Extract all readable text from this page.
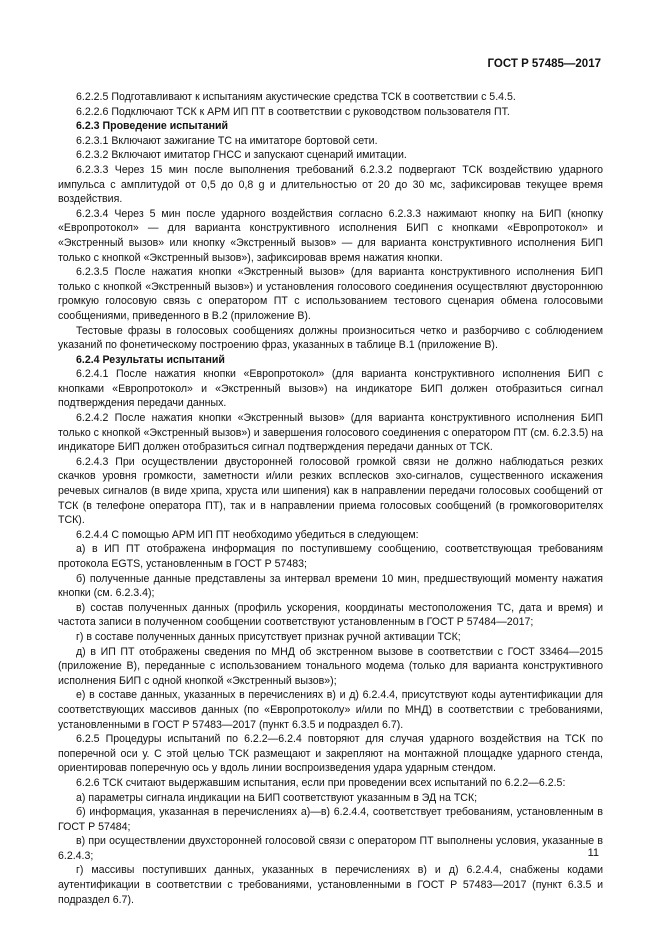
ГОСТ Р 57485—2017

6.2.2.5 Подготавливают к испытаниям акустические средства ТСК в соответствии с 5.4.5.

6.2.2.6 Подключают ТСК к АРМ ИП ПТ в соответствии с руководством пользователя ПТ.

6.2.3 Проведение испытаний

6.2.3.1 Включают зажигание ТС на имитаторе бортовой сети.

6.2.3.2 Включают имитатор ГНСС и запускают сценарий имитации.

6.2.3.3 Через 15 мин после выполнения требований 6.2.3.2 подвергают ТСК воздействию ударного импульса с амплитудой от 0,5 до 0,8 g и длительностью от 20 до 30 мс, зафиксировав текущее время воздействия.

6.2.3.4 Через 5 мин после ударного воздействия согласно 6.2.3.3 нажимают кнопку на БИП (кнопку «Европротокол» — для варианта конструктивного исполнения БИП с кнопками «Европротокол» и «Экстренный вызов» или кнопку «Экстренный вызов» — для варианта конструктивного исполнения БИП только с кнопкой «Экстренный вызов»), зафиксировав время нажатия кнопки.

6.2.3.5 После нажатия кнопки «Экстренный вызов» (для варианта конструктивного исполнения БИП только с кнопкой «Экстренный вызов») и установления голосового соединения осуществляют двустороннюю громкую голосовую связь с оператором ПТ с использованием тестового сценария обмена голосовыми сообщениями, приведенного в В.2 (приложение В).

Тестовые фразы в голосовых сообщениях должны произноситься четко и разборчиво с соблюдением указаний по фонетическому построению фраз, указанных в таблице В.1 (приложение В).

6.2.4 Результаты испытаний

6.2.4.1 После нажатия кнопки «Европротокол» (для варианта конструктивного исполнения БИП с кнопками «Европротокол» и «Экстренный вызов») на индикаторе БИП должен отобразиться сигнал подтверждения передачи данных.

6.2.4.2 После нажатия кнопки «Экстренный вызов» (для варианта конструктивного исполнения БИП только с кнопкой «Экстренный вызов») и завершения голосового соединения с оператором ПТ (см. 6.2.3.5) на индикаторе БИП должен отобразиться сигнал подтверждения передачи данных от ТСК.

6.2.4.3 При осуществлении двусторонней голосовой громкой связи не должно наблюдаться резких скачков уровня громкости, заметности и/или резких всплесков эхо-сигналов, существенного искажения речевых сигналов (в виде хрипа, хруста или шипения) как в направлении передачи голосовых сообщений от ТСК (в телефоне оператора ПТ), так и в направлении приема голосовых сообщений (в громкоговорителях ТСК).

6.2.4.4 С помощью АРМ ИП ПТ необходимо убедиться в следующем:

а) в ИП ПТ отображена информация по поступившему сообщению, соответствующая требованиям протокола EGTS, установленным в ГОСТ Р 57483;

б) полученные данные представлены за интервал времени 10 мин, предшествующий моменту нажатия кнопки (см. 6.2.3.4);

в) состав полученных данных (профиль ускорения, координаты местоположения ТС, дата и время) и частота записи в полученном сообщении соответствуют установленным в ГОСТ Р 57484—2017;

г) в составе полученных данных присутствует признак ручной активации ТСК;

д) в ИП ПТ отображены сведения по МНД об экстренном вызове в соответствии с ГОСТ 33464—2015 (приложение В), переданные с использованием тонального модема (только для варианта конструктивного исполнения БИП с одной кнопкой «Экстренный вызов»);

е) в составе данных, указанных в перечислениях в) и д) 6.2.4.4, присутствуют коды аутентификации для соответствующих массивов данных (по «Европротоколу» и/или по МНД) в соответствии с требованиями, установленными в ГОСТ Р 57483—2017 (пункт 6.3.5 и подраздел 6.7).

6.2.5 Процедуры испытаний по 6.2.2—6.2.4 повторяют для случая ударного воздействия на ТСК по поперечной оси у. С этой целью ТСК размещают и закрепляют на монтажной площадке ударного стенда, ориентировав поперечную ось у вдоль линии воспроизведения удара ударным стендом.

6.2.6 ТСК считают выдержавшим испытания, если при проведении всех испытаний по 6.2.2—6.2.5:

а) параметры сигнала индикации на БИП соответствуют указанным в ЭД на ТСК;

б) информация, указанная в перечислениях а)—в) 6.2.4.4, соответствует требованиям, установленным в ГОСТ Р 57484;

в) при осуществлении двухсторонней голосовой связи с оператором ПТ выполнены условия, указанные в 6.2.4.3;

г) массивы поступивших данных, указанных в перечислениях в) и д) 6.2.4.4, снабжены кодами аутентификации в соответствии с требованиями, установленными в ГОСТ Р 57483—2017 (пункт 6.3.5 и подраздел 6.7).

11
